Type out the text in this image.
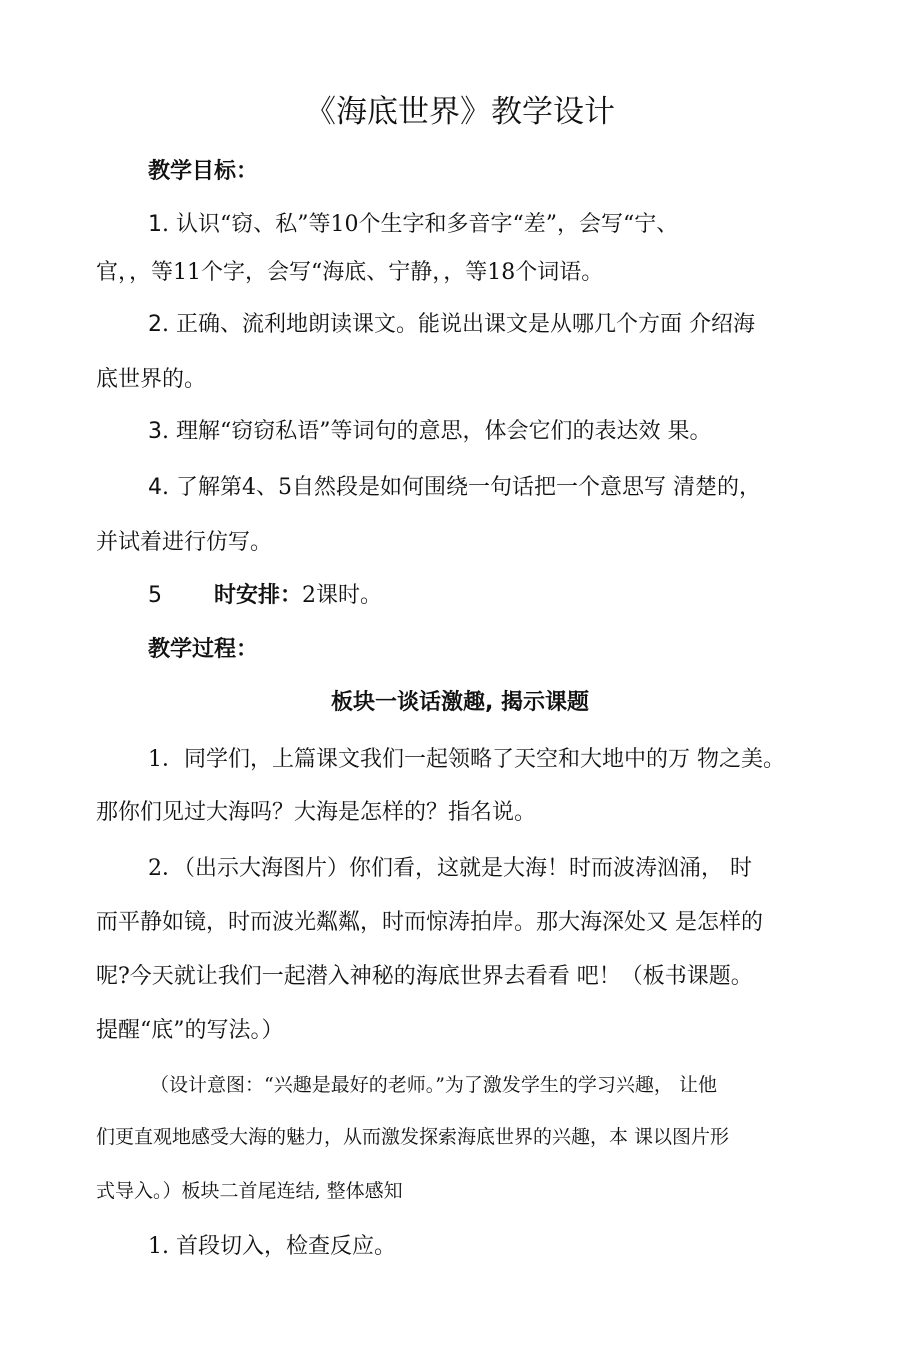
《海底世界》教学设计
教学目标：
1. 认识“窃、私”等10个生字和多音字“差”，会写“宁、
官，，等11个字，会写“海底、宁静，，等18个词语。
2. 正确、流利地朗读课文。能说出课文是从哪几个方面 介绍海
底世界的。
3. 理解“窃窃私语”等词句的意思，体会它们的表达效 果。
4. 了解第4、5自然段是如何围绕一句话把一个意思写 清楚的，
并试着进行仿写。
5 时安排：2课时。
教学过程：
板块一谈话激趣, 揭示课题
1．同学们，上篇课文我们一起领略了天空和大地中的万 物之美。
那你们见过大海吗？大海是怎样的？指名说。
2．（出示大海图片）你们看，这就是大海！时而波涛汹涌， 时
而平静如镜，时而波光粼粼，时而惊涛拍岸。那大海深处又 是怎样的
呢?今天就让我们一起潜入神秘的海底世界去看看 吧！（板书课题。
提醒“底”的写法。）
（设计意图：“兴趣是最好的老师。”为了激发学生的学习兴趣， 让他
们更直观地感受大海的魅力，从而激发探索海底世界的兴趣，本 课以图片形
式导入。）板块二首尾连结, 整体感知
1. 首段切入，检查反应。
